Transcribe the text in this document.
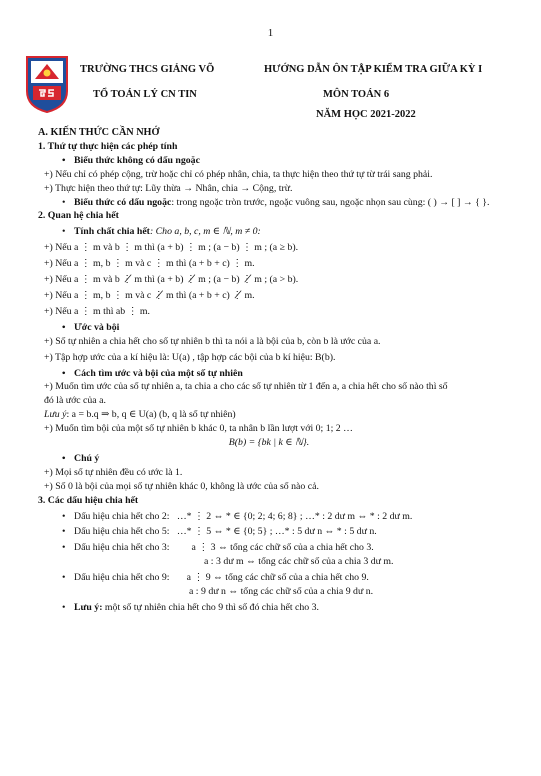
1
TRƯỜNG THCS GIẢNG VÕ
TỔ TOÁN LÝ CN TIN
HƯỚNG DẪN ÔN TẬP KIỂM TRA GIỮA KỲ I
MÔN TOÁN 6
NĂM HỌC 2021-2022
A. KIẾN THỨC CẦN NHỚ
1. Thứ tự thực hiện các phép tính
• Biểu thức không có dấu ngoặc
+) Nếu chỉ có phép cộng, trừ hoặc chỉ có phép nhân, chia, ta thực hiện theo thứ tự từ trái sang phải.
+) Thực hiện theo thứ tự: Lũy thừa → Nhân, chia → Cộng, trừ.
• Biểu thức có dấu ngoặc: trong ngoặc tròn trước, ngoặc vuông sau, ngoặc nhọn sau cùng: ( ) → [ ] → { }.
2. Quan hệ chia hết
• Tính chất chia hết: Cho a, b, c, m ∈ ℕ, m ≠ 0:
+) Nếu a ⋮ m và b ⋮ m thì (a + b) ⋮ m ; (a − b) ⋮ m ; (a ≥ b).
+) Nếu a ⋮ m, b ⋮ m và c ⋮ m thì (a + b + c) ⋮ m.
+) Nếu a ⋮ m và b ⋮̸ m thì (a + b) ⋮̸ m ; (a − b) ⋮̸ m ; (a > b).
+) Nếu a ⋮ m, b ⋮ m và c ⋮̸ m thì (a + b + c) ⋮̸ m.
+) Nếu a ⋮ m thì ab ⋮ m.
• Ước và bội
+) Số tự nhiên a chia hết cho số tự nhiên b thì ta nói a là bội của b, còn b là ước của a.
+) Tập hợp ước của a kí hiệu là: U(a) , tập hợp các bội của b kí hiệu: B(b).
• Cách tìm ước và bội của một số tự nhiên
+) Muốn tìm ước của số tự nhiên a, ta chia a cho các số tự nhiên từ 1 đến a, a chia hết cho số nào thì số
đó là ước của a.
Lưu ý: a = b.q ⇒ b, q ∈ U(a) (b, q là số tự nhiên)
+) Muốn tìm bội của một số tự nhiên b khác 0, ta nhân b lần lượt với 0; 1; 2 …
B(b) = {bk | k ∈ ℕ}.
• Chú ý
+) Mọi số tự nhiên đều có ước là 1.
+) Số 0 là bội của mọi số tự nhiên khác 0, không là ước của số nào cả.
3. Các dấu hiệu chia hết
• Dấu hiệu chia hết cho 2: …* ⋮ 2 ⇔ * ∈ {0; 2; 4; 6; 8} ; …* : 2 dư m ⇔ * : 2 dư m.
• Dấu hiệu chia hết cho 5: …* ⋮ 5 ⇔ * ∈ {0; 5} ; …* : 5 dư n ⇔ * : 5 dư n.
• Dấu hiệu chia hết cho 3: a ⋮ 3 ⇔ tổng các chữ số của a chia hết cho 3.
a : 3 dư m ⇔ tổng các chữ số của a chia 3 dư m.
• Dấu hiệu chia hết cho 9: a ⋮ 9 ⇔ tổng các chữ số của a chia hết cho 9.
a : 9 dư n ⇔ tổng các chữ số của a chia 9 dư n.
• Lưu ý: một số tự nhiên chia hết cho 9 thì số đó chia hết cho 3.
